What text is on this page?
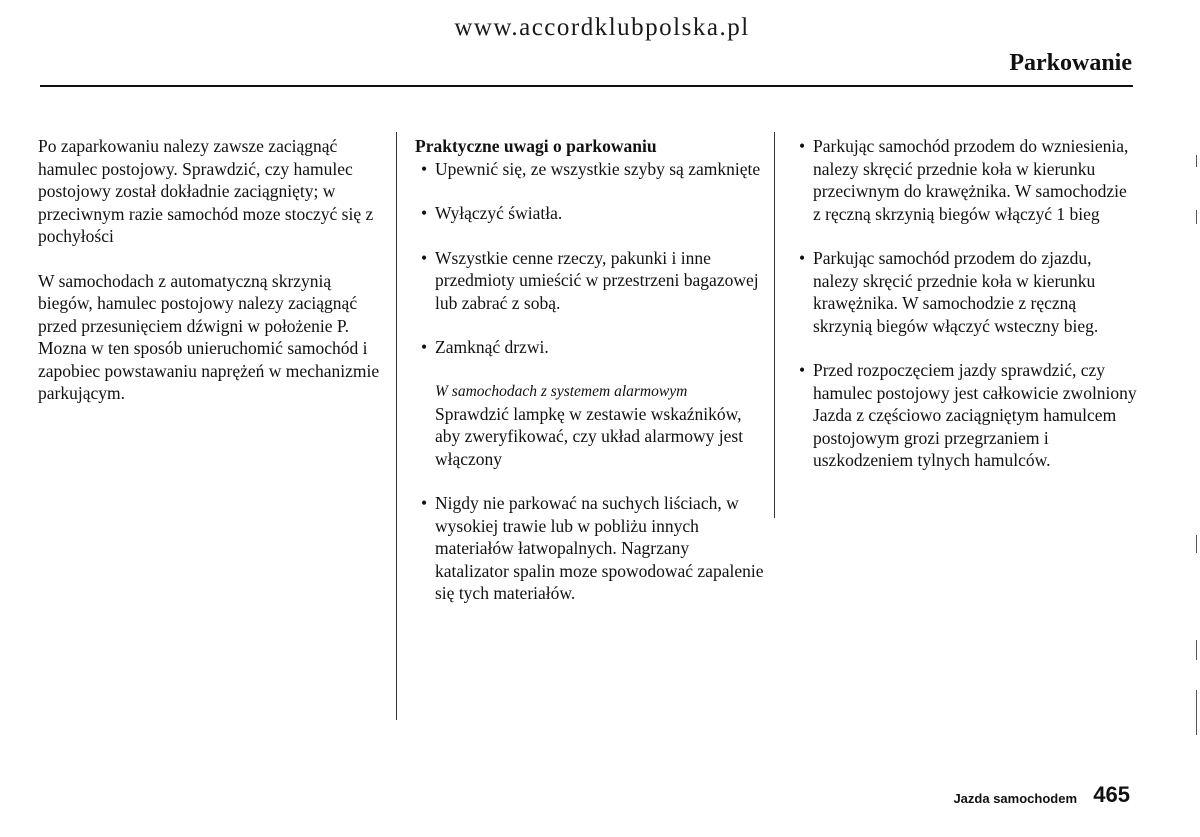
www.accordklubpolska.pl
Parkowanie

Po zaparkowaniu nalezy zawsze zaciągnąć hamulec postojowy. Sprawdzić, czy hamulec postojowy został dokładnie zaciągnięty; w przeciwnym razie samochód moze stoczyć się z pochyłości

W samochodach z automatyczną skrzynią biegów, hamulec postojowy nalezy zaciągnąć przed przesunięciem dźwigni w położenie P. Mozna w ten sposób unieruchomić samochód i zapobiec powstawaniu naprężeń w mechanizmie parkującym.

Praktyczne uwagi o parkowaniu

• Upewnić się, ze wszystkie szyby są zamknięte
• Wyłączyć światła.
• Wszystkie cenne rzeczy, pakunki i inne przedmioty umieścić w przestrzeni bagazowej lub zabrać z sobą.
• Zamknąć drzwi.
W samochodach z systemem alarmowym
Sprawdzić lampkę w zestawie wskaźników, aby zweryfikować, czy układ alarmowy jest włączony
• Nigdy nie parkować na suchych liściach, w wysokiej trawie lub w pobliżu innych materiałów łatwopalnych. Nagrzany katalizator spalin moze spowodować zapalenie się tych materiałów.
• Parkując samochód przodem do wzniesienia, nalezy skręcić przednie koła w kierunku przeciwnym do krawężnika. W samochodzie z ręczną skrzynią biegów włączyć 1 bieg
• Parkując samochód przodem do zjazdu, nalezy skręcić przednie koła w kierunku krawężnika. W samochodzie z ręczną skrzynią biegów włączyć wsteczny bieg.
• Przed rozpoczęciem jazdy sprawdzić, czy hamulec postojowy jest całkowicie zwolniony Jazda z częściowo zaciągniętym hamulcem postojowym grozi przegrzaniem i uszkodzeniem tylnych hamulców.
Jazda samochodem 465
